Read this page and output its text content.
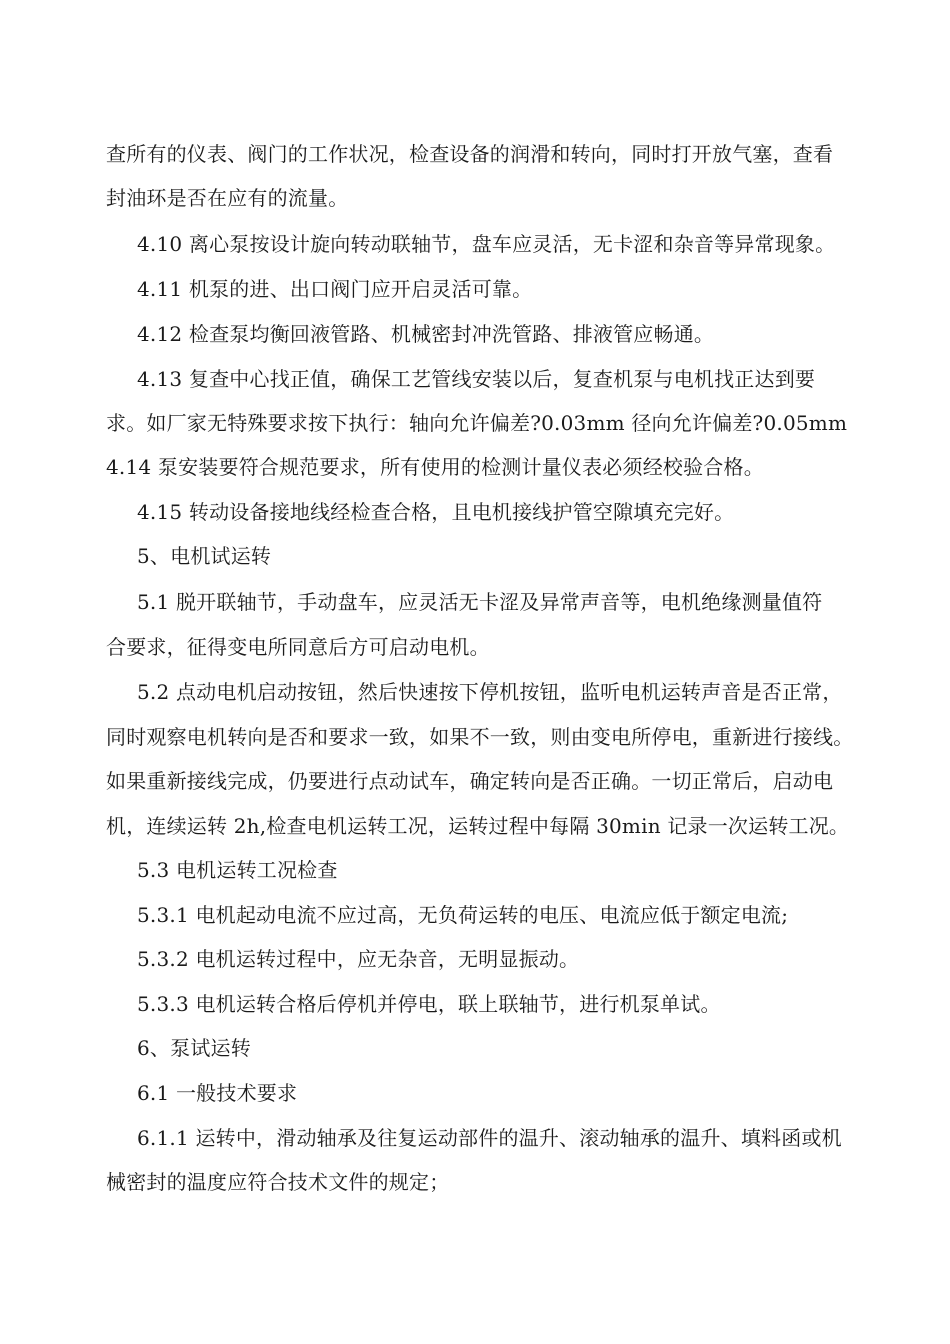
查所有的仪表、阀门的工作状况，检查设备的润滑和转向，同时打开放气塞，查看
封油环是否在应有的流量。
4.10 离心泵按设计旋向转动联轴节，盘车应灵活，无卡涩和杂音等异常现象。
4.11 机泵的进、出口阀门应开启灵活可靠。
4.12 检查泵均衡回液管路、机械密封冲洗管路、排液管应畅通。
4.13 复查中心找正值，确保工艺管线安装以后，复查机泵与电机找正达到要
求。如厂家无特殊要求按下执行：轴向允许偏差?0.03mm 径向允许偏差?0.05mm
4.14 泵安装要符合规范要求，所有使用的检测计量仪表必须经校验合格。
4.15 转动设备接地线经检查合格，且电机接线护管空隙填充完好。
5、电机试运转
5.1 脱开联轴节，手动盘车，应灵活无卡涩及异常声音等，电机绝缘测量值符
合要求，征得变电所同意后方可启动电机。
5.2 点动电机启动按钮，然后快速按下停机按钮，监听电机运转声音是否正常，
同时观察电机转向是否和要求一致，如果不一致，则由变电所停电，重新进行接线。
如果重新接线完成，仍要进行点动试车，确定转向是否正确。一切正常后，启动电
机，连续运转 2h,检查电机运转工况，运转过程中每隔 30min 记录一次运转工况。
5.3 电机运转工况检查
5.3.1 电机起动电流不应过高，无负荷运转的电压、电流应低于额定电流;
5.3.2 电机运转过程中，应无杂音，无明显振动。
5.3.3 电机运转合格后停机并停电，联上联轴节，进行机泵单试。
6、泵试运转
6.1 一般技术要求
6.1.1 运转中，滑动轴承及往复运动部件的温升、滚动轴承的温升、填料函或机
械密封的温度应符合技术文件的规定；
